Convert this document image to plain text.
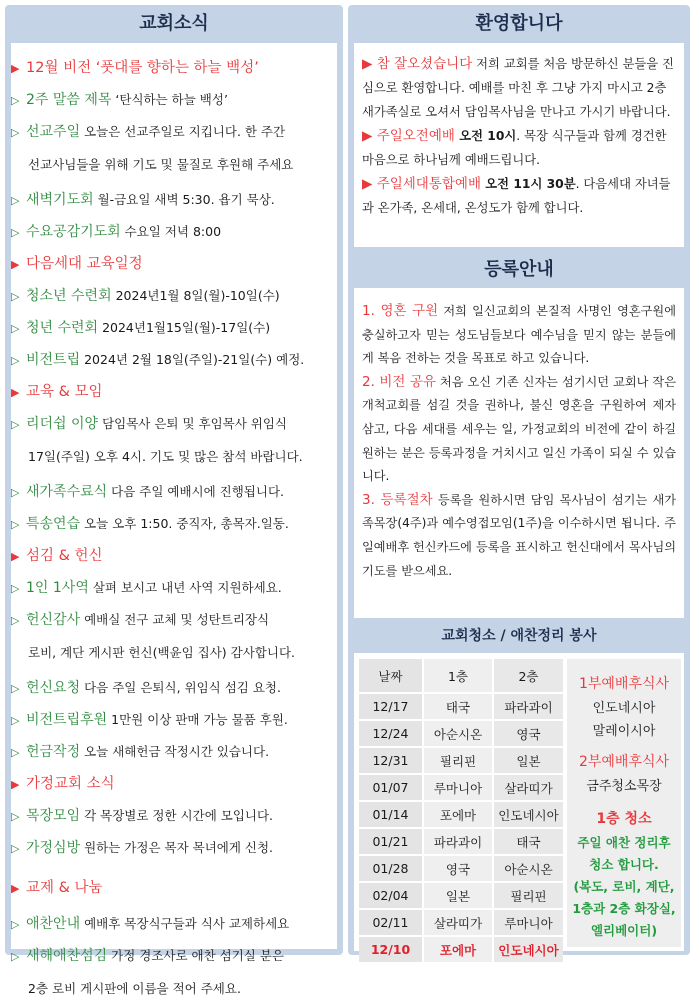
교회소식
▶ 12월 비전 ‘풋대를 향하는 하늘 백성’
▷ 2주 말씀 제목 ‘탄식하는 하늘 백성’
▷ 선교주일 오늘은 선교주일로 지킵니다. 한 주간
선교사님들을 위해 기도 및 물질로 후원해 주세요
▷ 새벽기도회 월-금요일 새벽 5:30. 욥기 묵상.
▷ 수요공감기도회 수요일 저녁 8:00
▶ 다음세대 교육일정
▷ 청소년 수련회 2024년1월 8일(월)-10일(수)
▷ 청년 수련회 2024년1월15일(월)-17일(수)
▷ 비전트립 2024년 2월 18일(주일)-21일(수) 예정.
▶ 교육 & 모임
▷ 리더쉽 이양 담임목사 은퇴 및 후임목사 위임식
17일(주일) 오후 4시. 기도 및 많은 참석 바랍니다.
▷ 새가족수료식 다음 주일 예배시에 진행됩니다.
▷ 특송연습 오늘 오후 1:50. 중직자, 총목자.일동.
▶ 섬김 & 헌신
▷ 1인 1사역 살펴 보시고 내년 사역 지원하세요.
▷ 헌신감사 예배실 전구 교체 및 성탄트리장식
로비, 계단 게시판 헌신(백윤임 집사) 감사합니다.
▷ 헌신요청 다음 주일 은퇴식, 위임식 섬김 요청.
▷ 비전트립후원 1만원 이상 판매 가능 물품 후원.
▷ 헌금작정 오늘 새해헌금 작정시간 있습니다.
▶ 가정교회 소식
▷ 목장모임 각 목장별로 정한 시간에 모입니다.
▷ 가정심방 원하는 가정은 목자 목녀에게 신청.
▶ 교제 & 나눔
▷ 애찬안내 예배후 목장식구들과 식사 교제하세요
▷ 새해애찬섬김 가정 경조사로 애찬 섬기실 분은
2층 로비 게시판에 이름을 적어 주세요.
환영합니다
▶ 참 잘오셨습니다 저희 교회를 처음 방문하신 분들을 진심으로 환영합니다. 예배를 마친 후 그냥 가지 마시고 2층 새가족실로 오셔서 담임목사님을 만나고 가시기 바랍니다.
▶ 주일오전예배 오전 10시. 목장 식구들과 함께 경건한 마음으로 하나님께 예배드립니다.
▶ 주일세대통합예배 오전 11시 30분. 다음세대 자녀들과 온가족, 온세대, 온성도가 함께 합니다.
등록안내
1. 영혼 구원 저희 일신교회의 본질적 사명인 영혼구원에 충실하고자 믿는 성도님들보다 예수님을 믿지 않는 분들에게 복음 전하는 것을 목표로 하고 있습니다.
2. 비전 공유 처음 오신 기존 신자는 섬기시던 교회나 작은 개척교회를 섬길 것을 권하나, 불신 영혼을 구원하여 제자 삼고, 다음 세대를 세우는 일, 가정교회의 비전에 같이 하길 원하는 분은 등록과정을 거치시고 일신 가족이 되실 수 있습니다.
3. 등록절차 등록을 원하시면 담임 목사님이 섬기는 새가족목장(4주)과 예수영접모임(1주)을 이수하시면 됩니다. 주일예배후 헌신카드에 등록을 표시하고 헌신대에서 목사님의 기도를 받으세요.
교회청소 / 애찬정리 봉사
날짜	1층	2층
12/17	태국	파라과이
12/24	아순시온	영국
12/31	필리핀	일본
01/07	루마니아	살라띠가
01/14	포에마	인도네시아
01/21	파라과이	태국
01/28	영국	아순시온
02/04	일본	필리핀
02/11	살라띠가	루마니아
12/10	포에마	인도네시아
1부예배후식사
인도네시아
말레이시아
2부예배후식사
금주청소목장
1층 청소
주일 애찬 정리후
청소 합니다.
(복도, 로비, 계단,
1층과 2층 화장실,
엘리베이터)
